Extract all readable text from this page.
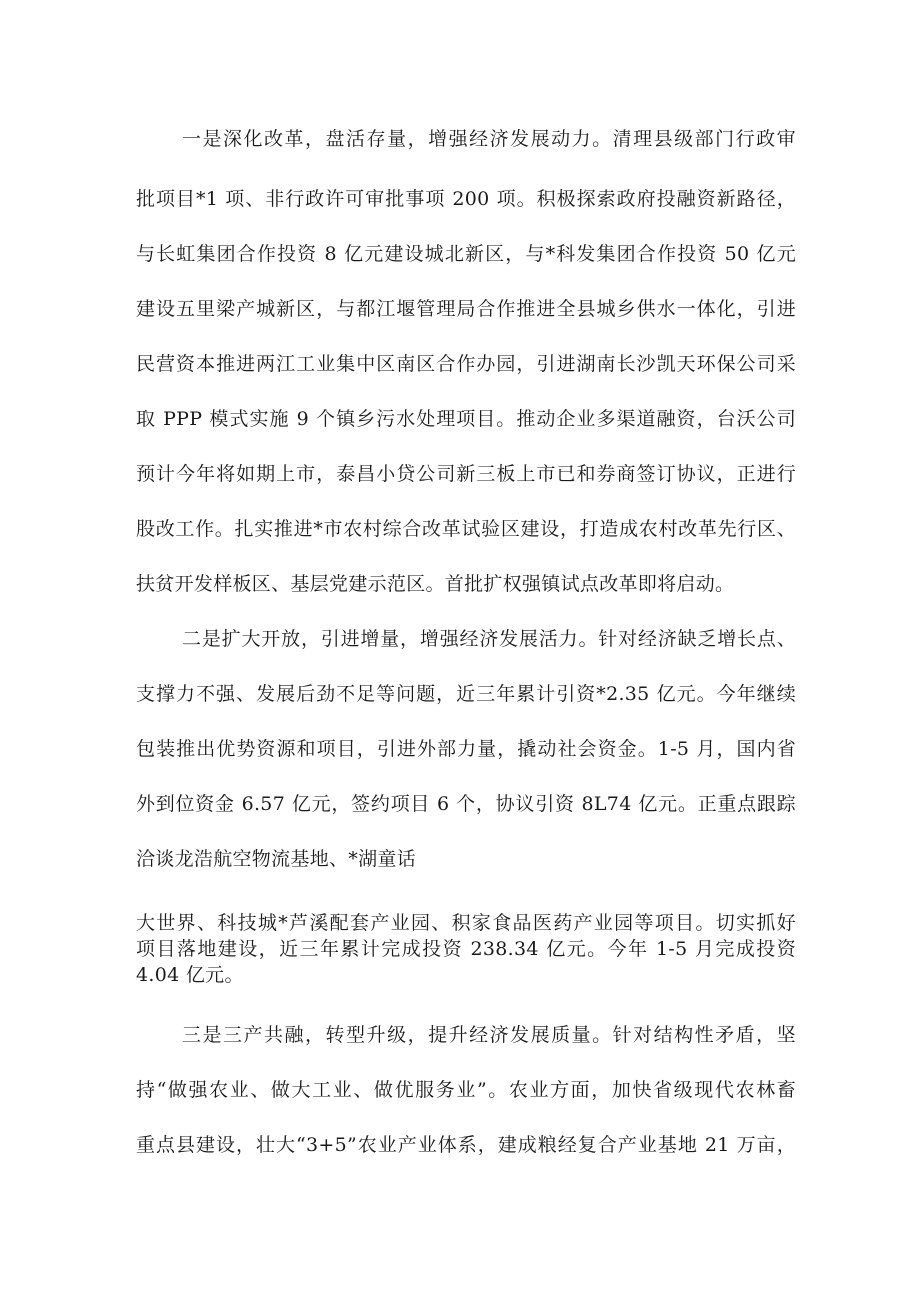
一是深化改革，盘活存量，增强经济发展动力。清理县级部门行政审
批项目*1 项、非行政许可审批事项 200 项。积极探索政府投融资新路径，
与长虹集团合作投资 8 亿元建设城北新区，与*科发集团合作投资 50 亿元
建设五里梁产城新区，与都江堰管理局合作推进全县城乡供水一体化，引进
民营资本推进两江工业集中区南区合作办园，引进湖南长沙凯天环保公司采
取 PPP 模式实施 9 个镇乡污水处理项目。推动企业多渠道融资，台沃公司
预计今年将如期上市，泰昌小贷公司新三板上市已和券商签订协议，正进行
股改工作。扎实推进*市农村综合改革试验区建设，打造成农村改革先行区、
扶贫开发样板区、基层党建示范区。首批扩权强镇试点改革即将启动。
二是扩大开放，引进增量，增强经济发展活力。针对经济缺乏增长点、
支撑力不强、发展后劲不足等问题，近三年累计引资*2.35 亿元。今年继续
包装推出优势资源和项目，引进外部力量，撬动社会资金。1-5 月，国内省
外到位资金 6.57 亿元，签约项目 6 个，协议引资 8L74 亿元。正重点跟踪
洽谈龙浩航空物流基地、*湖童话
大世界、科技城*芦溪配套产业园、积家食品医药产业园等项目。切实抓好
项目落地建设，近三年累计完成投资 238.34 亿元。今年 1-5 月完成投资
4.04 亿元。
三是三产共融，转型升级，提升经济发展质量。针对结构性矛盾，坚
持“做强农业、做大工业、做优服务业”。农业方面，加快省级现代农林畜
重点县建设，壮大“3+5”农业产业体系，建成粮经复合产业基地 21 万亩，
